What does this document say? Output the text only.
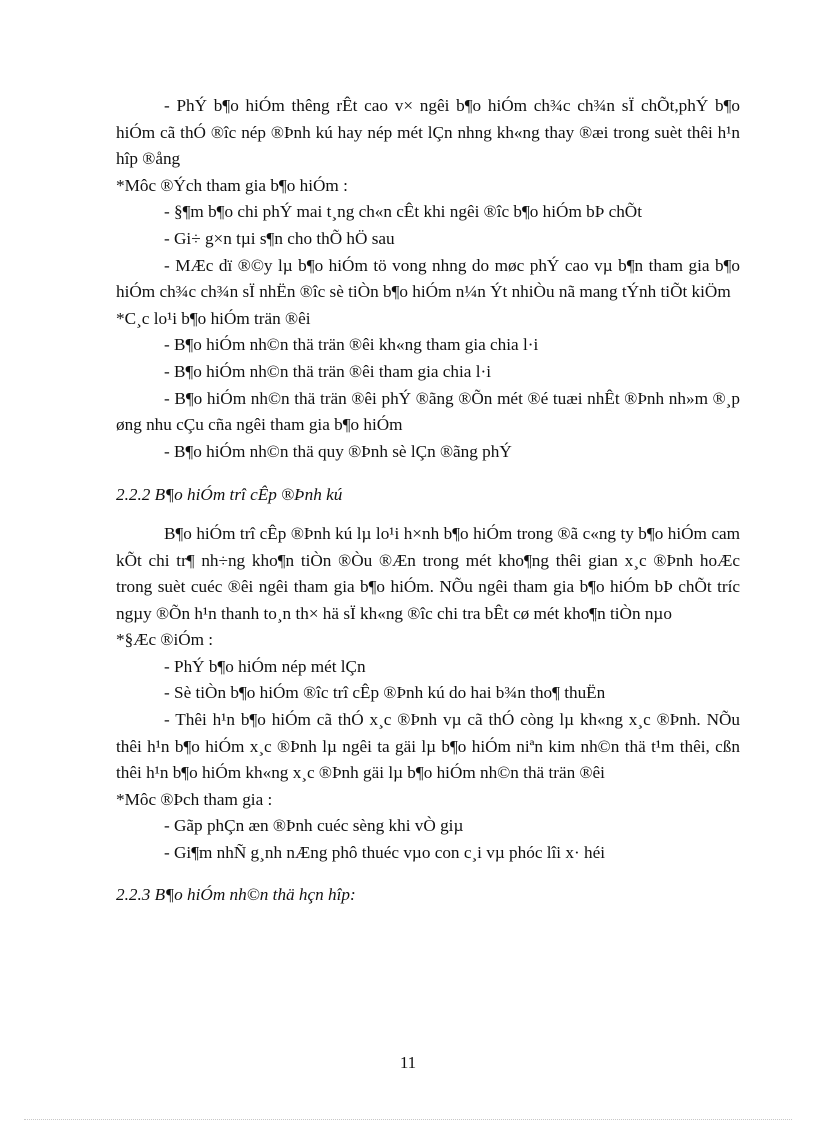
- PhÝ b¶o hiÓm thêng rÊt cao v× ngêi b¶o hiÓm ch¾c ch¾n sÏ chÕt,phÝ b¶o hiÓm cã thÓ ®îc nép ®Þnh kú hay nép mét lÇn nhng kh«ng thay ®æi trong suèt thêi h¹n hîp ®ång

*Môc ®Ých tham gia b¶o hiÓm :

- §¶m b¶o chi phÝ mai t¸ng ch«n cÊt khi ngêi ®îc b¶o hiÓm bÞ chÕt

- Gi÷ g×n tµi s¶n cho thÕ hÖ sau

- MÆc dï ®©y lµ b¶o hiÓm tö vong nhng do møc phÝ cao vµ b¶n tham gia b¶o hiÓm ch¾c ch¾n sÏ nhËn ®îc sè tiÒn b¶o hiÓm n¼n Ýt nhiÒu nã mang tÝnh tiÕt kiÖm

*C¸c lo¹i b¶o hiÓm trän ®êi

- B¶o hiÓm nh©n thä trän ®êi kh«ng tham gia chia l·i

- B¶o hiÓm nh©n thä trän ®êi tham gia chia l·i

- B¶o hiÓm nh©n thä trän ®êi phÝ ®ãng ®Õn mét ®é tuæi nhÊt ®Þnh nh»m ®¸p øng nhu cÇu cña ngêi tham gia b¶o hiÓm

- B¶o hiÓm nh©n thä quy ®Þnh sè lÇn ®ãng phÝ

2.2.2 B¶o hiÓm trî cÊp ®Þnh kú

B¶o hiÓm trî cÊp ®Þnh kú lµ lo¹i h×nh b¶o hiÓm trong ®ã c«ng ty b¶o hiÓm cam kÕt chi tr¶ nh÷ng kho¶n tiÒn ®Òu ®Æn trong mét kho¶ng thêi gian x¸c ®Þnh hoÆc trong suèt cuéc ®êi ngêi tham gia b¶o hiÓm. NÕu ngêi tham gia b¶o hiÓm bÞ chÕt tríc ngµy ®Õn h¹n thanh to¸n th× hä sÏ kh«ng ®îc chi tra bÊt cø mét kho¶n tiÒn nµo

*§Æc ®iÓm :

- PhÝ b¶o hiÓm nép mét lÇn

- Sè tiÒn b¶o hiÓm ®îc trî cÊp ®Þnh kú do hai b¾n tho¶ thuËn

- Thêi h¹n b¶o hiÓm cã thÓ x¸c ®Þnh vµ cã thÓ còng lµ kh«ng x¸c ®Þnh. NÕu thêi h¹n b¶o hiÓm x¸c ®Þnh lµ ngêi ta gäi lµ b¶o hiÓm niªn kim nh©n thä t¹m thêi, cßn thêi h¹n b¶o hiÓm kh«ng x¸c ®Þnh gäi lµ b¶o hiÓm nh©n thä trän ®êi

*Môc ®Þch tham gia :

- Gãp phÇn æn ®Þnh cuéc sèng khi vÒ giµ

- Gi¶m nhÑ g¸nh nÆng phô thuéc vµo con c¸i vµ phóc lîi x· héi

2.2.3 B¶o hiÓm nh©n thä hçn hîp:

11
